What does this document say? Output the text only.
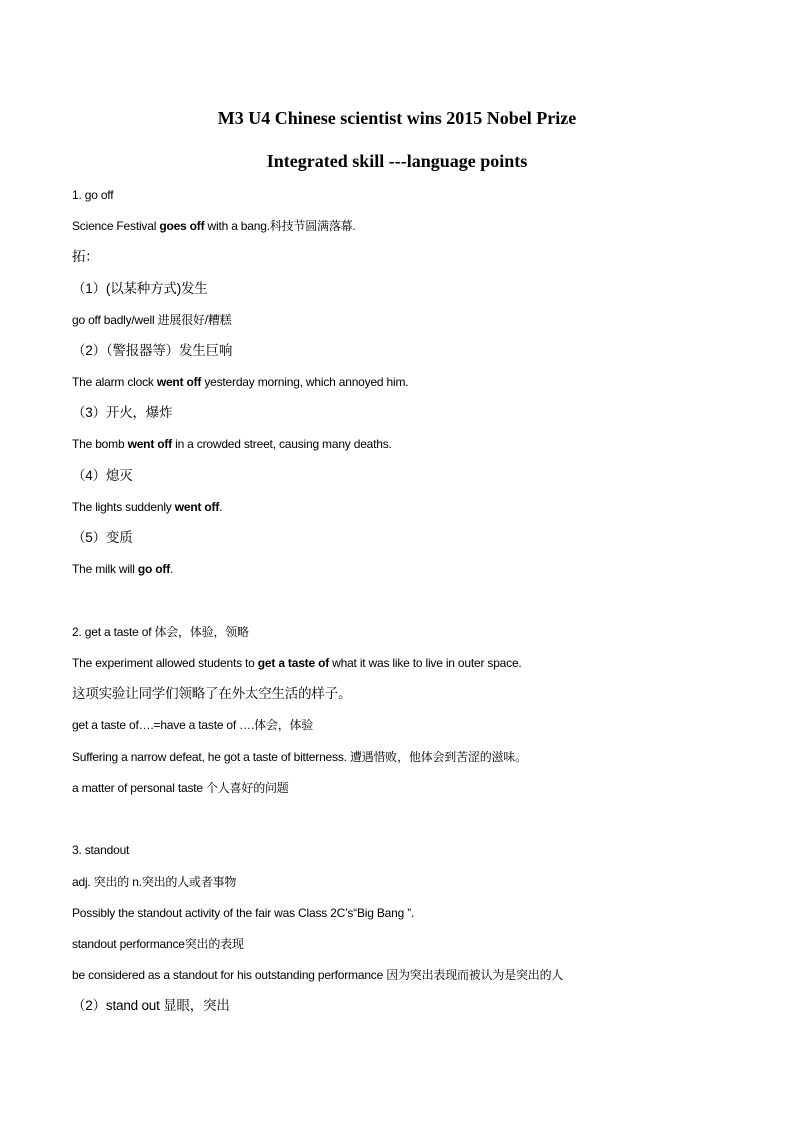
M3 U4 Chinese scientist wins 2015 Nobel Prize
Integrated skill ---language points
1. go off
Science Festival goes off with a bang.科技节圆满落幕.
拓：
（1）(以某种方式)发生
go off badly/well 进展很好/糟糕
（2）（警报器等）发生巨响
The alarm clock went off yesterday morning, which annoyed him.
（3）开火，爆炸
The bomb went off in a crowded street, causing many deaths.
（4）熄灭
The lights suddenly went off.
（5）变质
The milk will go off.
2. get a taste of 体会，体验，领略
The experiment allowed students to get a taste of what it was like to live in outer space.
这项实验让同学们领略了在外太空生活的样子。
get a taste of….=have a taste of ….体会，体验
Suffering a narrow defeat, he got a taste of bitterness. 遭遇惜败，他体会到苦涩的滋味。
a matter of personal taste 个人喜好的问题
3. standout
adj. 突出的 n.突出的人或者事物
Possibly the standout activity of the fair was Class 2C’s“Big Bang ”.
standout performance突出的表现
be considered as a standout for his outstanding performance 因为突出表现而被认为是突出的人
（2）stand out 显眼，突出
